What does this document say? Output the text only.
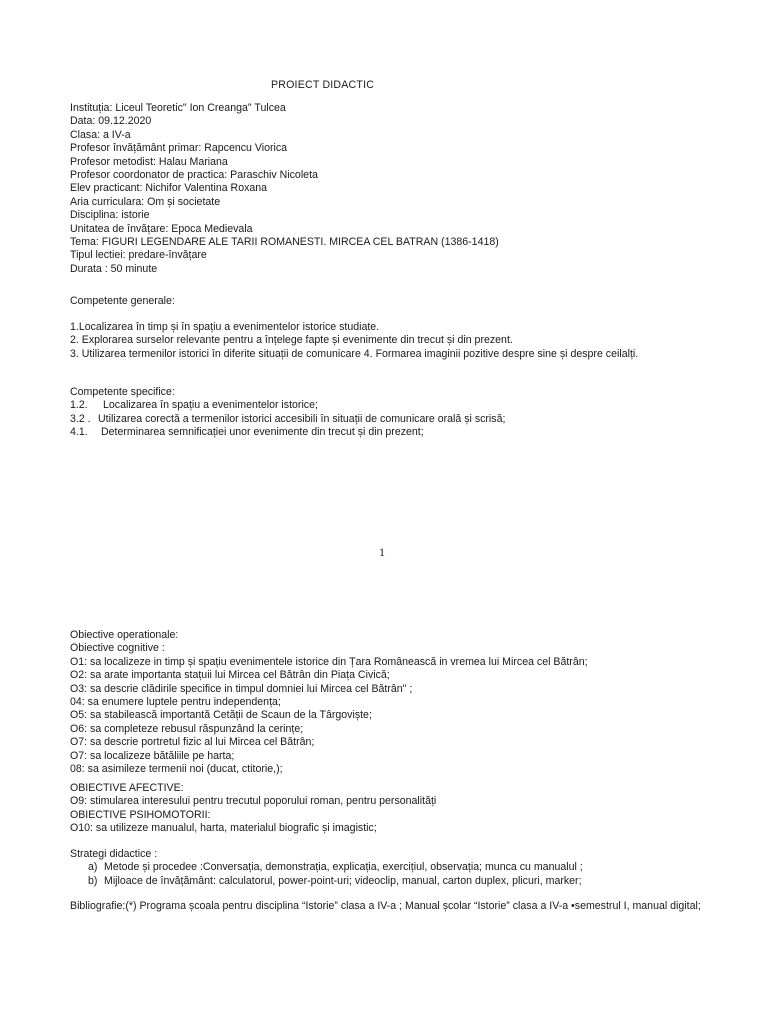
PROIECT DIDACTIC
Instituția: Liceul Teoretic" Ion Creanga" Tulcea
Data: 09.12.2020
Clasa: a IV-a
Profesor învățământ primar: Rapcencu Viorica
Profesor metodist: Halau Mariana
Profesor coordonator de practica: Paraschiv Nicoleta
Elev practicant: Nichifor Valentina Roxana
Aria curriculara: Om și societate
Disciplina: istorie
Unitatea de învățare: Epoca Medievala
Tema: FIGURI LEGENDARE ALE TARII ROMANESTI. MIRCEA CEL BATRAN (1386-1418)
Tipul lectiei: predare-învățare
Durata : 50 minute
Competente generale:
1.Localizarea în timp și în spațiu a evenimentelor istorice studiate.
2. Explorarea surselor relevante pentru a înțelege fapte și evenimente din trecut și din prezent.
3. Utilizarea termenilor istorici în diferite situații de comunicare 4. Formarea imaginii pozitive despre sine și despre ceilalți.
Competente specifice:
1.2. Localizarea în spațiu a evenimentelor istorice;
3.2 . Utilizarea corectă a termenilor istorici accesibili în situații de comunicare orală și scrisă;
4.1. Determinarea semnificației unor evenimente din trecut și din prezent;
1
Obiective operationale:
Obiective cognitive :
O1: sa localizeze in timp și spațiu evenimentele istorice din Țara Românească in vremea lui Mircea cel Bătrân;
O2: sa arate importanta stațuii lui Mircea cel Bătrân din Piața Civică;
O3: sa descrie clădirile specifice in timpul domniei lui Mircea cel Bătrân" ;
04: sa enumere luptele pentru independența;
O5: sa stabilească importantă Cetății de Scaun de la Târgoviște;
O6: sa completeze rebusul răspunzând la cerințe;
O7: sa descrie portretul fizic al lui Mircea cel Bătrân;
O7: sa localizeze bătăliile pe harta;
08: sa asimileze termenii noi (ducat, ctitorie,);
OBIECTIVE AFECTIVE:
O9: stimularea interesului pentru trecutul poporului roman, pentru personalități
OBIECTIVE PSIHOMOTORII:
O10: sa utilizeze manualul, harta, materialul biografic și imagistic;
Strategi didactice :
a) Metode și procedee :Conversația, demonstrația, explicația, exercițiul, observația; munca cu manualul ;
b) Mijloace de învățământ: calculatorul, power-point-uri; videoclip, manual, carton duplex, plicuri, marker;
Bibliografie:(*) Programa școala pentru disciplina “Istorie” clasa a IV-a ; Manual școlar “Istorie” clasa a IV-a •semestrul I, manual digital;
